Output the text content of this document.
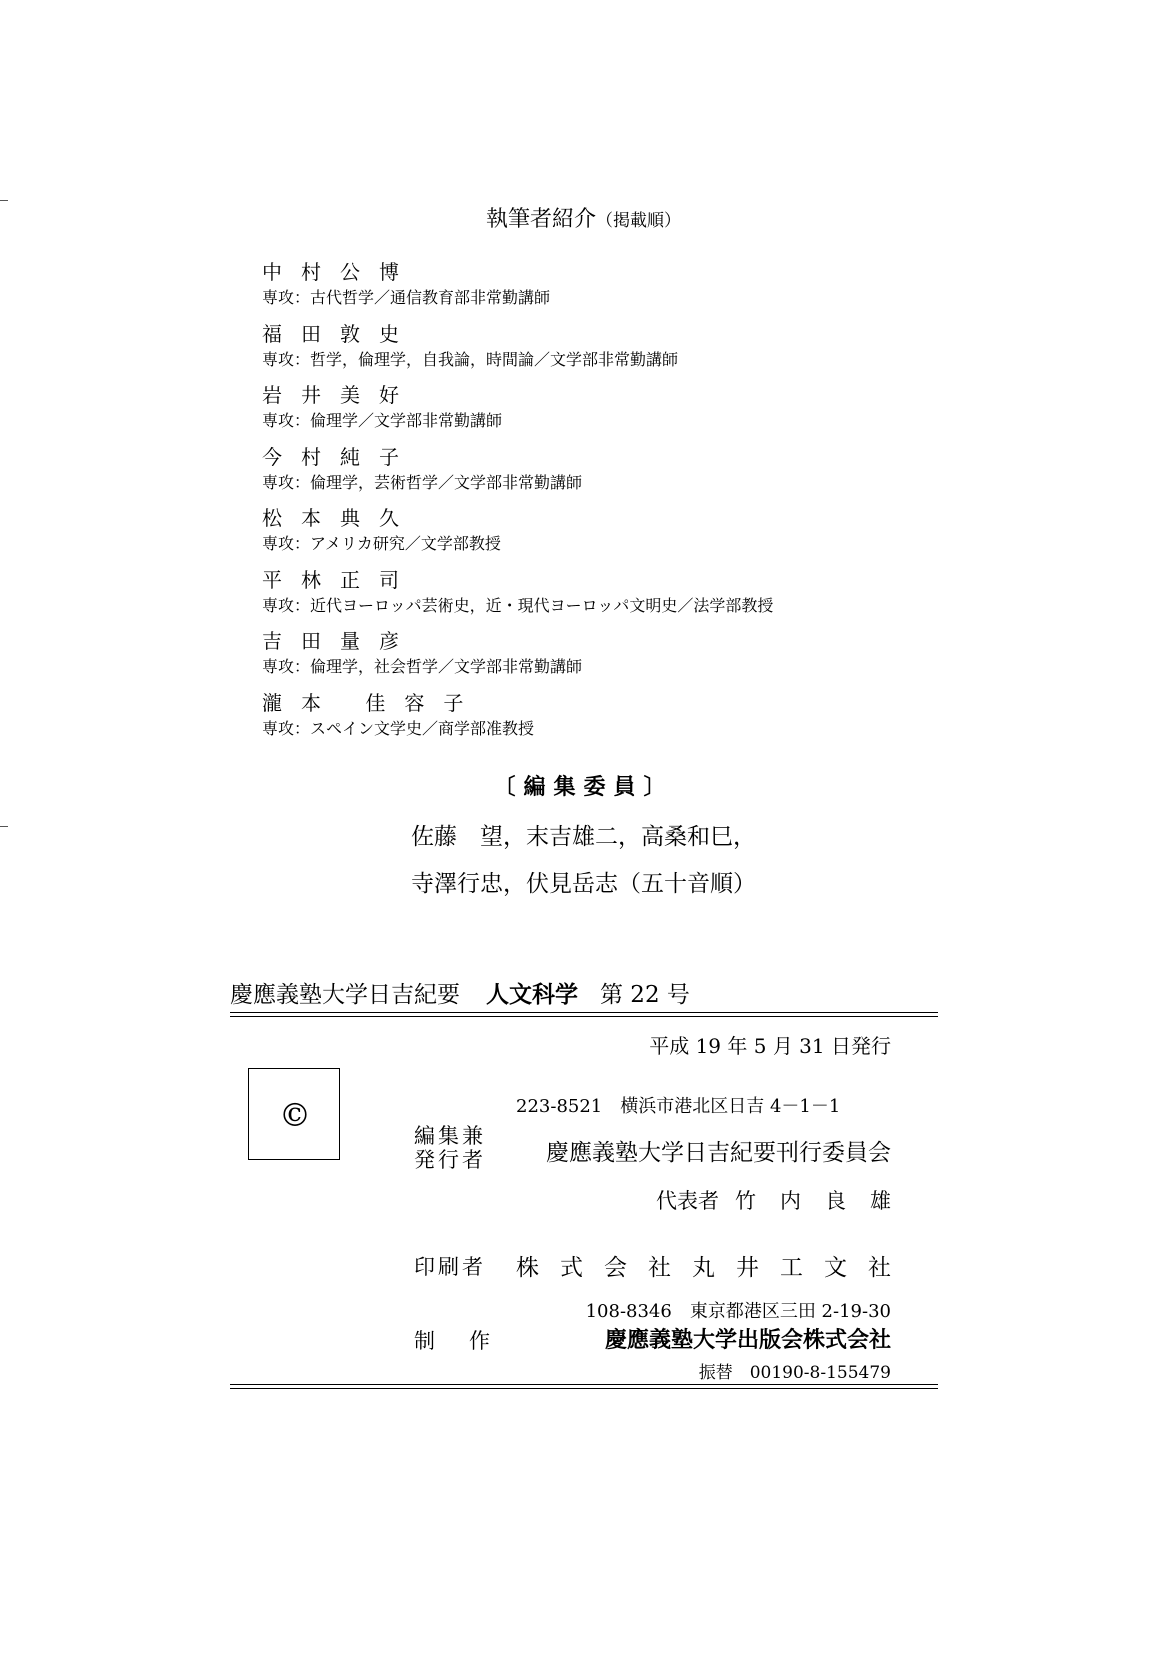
執筆者紹介（掲載順）
中村公博
専攻：古代哲学／通信教育部非常勤講師
福田敦史
専攻：哲学，倫理学，自我論，時間論／文学部非常勤講師
岩井美好
専攻：倫理学／文学部非常勤講師
今村純子
専攻：倫理学，芸術哲学／文学部非常勤講師
松本典久
専攻：アメリカ研究／文学部教授
平林正司
専攻：近代ヨーロッパ芸術史，近・現代ヨーロッパ文明史／法学部教授
吉田量彦
専攻：倫理学，社会哲学／文学部非常勤講師
瀧本 佳容子
専攻：スペイン文学史／商学部准教授
〔編集委員〕
佐藤　望，末吉雄二，高桑和巳，
寺澤行忠，伏見岳志（五十音順）
慶應義塾大学日吉紀要 人文科学 第 22 号
平成 19 年 5 月 31 日発行
©	223-8521　横浜市港北区日吉 4－1－1
編集兼
発行者	慶應義塾大学日吉紀要刊行委員会
代表者 竹内良雄
印刷者 株式会社丸井工文社
108-8346　東京都港区三田 2-19-30
制作	慶應義塾大学出版会株式会社
振替　00190-8-155479
